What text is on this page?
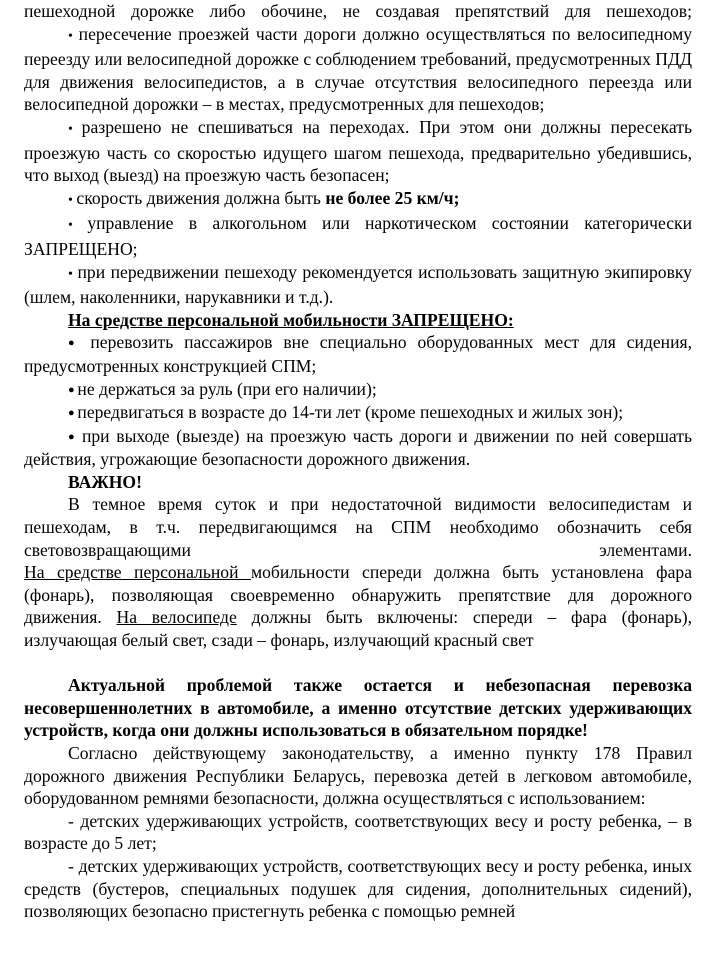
пешеходной дорожке либо обочине, не создавая препятствий для пешеходов;

• пересечение проезжей части дороги должно осуществляться по велосипедному переезду или велосипедной дорожке с соблюдением требований, предусмотренных ПДД для движения велосипедистов, а в случае отсутствия велосипедного переезда или велосипедной дорожки – в местах, предусмотренных для пешеходов;

• разрешено не спешиваться на переходах. При этом они должны пересекать проезжую часть со скоростью идущего шагом пешехода, предварительно убедившись, что выход (выезд) на проезжую часть безопасен;

• скорость движения должна быть не более 25 км/ч;

• управление в алкогольном или наркотическом состоянии категорически ЗАПРЕЩЕНО;

• при передвижении пешеходу рекомендуется использовать защитную экипировку (шлем, наколенники, нарукавники и т.д.).

На средстве персональной мобильности ЗАПРЕЩЕНО:

● перевозить пассажиров вне специально оборудованных мест для сидения, предусмотренных конструкцией СПМ;

● не держаться за руль (при его наличии);

● передвигаться в возрасте до 14-ти лет (кроме пешеходных и жилых зон);

● при выходе (выезде) на проезжую часть дороги и движении по ней совершать действия, угрожающие безопасности дорожного движения.

ВАЖНО!

В темное время суток и при недостаточной видимости велосипедистам и пешеходам, в т.ч. передвигающимся на СПМ необходимо обозначить себя световозвращающими элементами.

На средстве персональной мобильности спереди должна быть установлена фара (фонарь), позволяющая своевременно обнаружить препятствие для дорожного движения. На велосипеде должны быть включены: спереди – фара (фонарь), излучающая белый свет, сзади – фонарь, излучающий красный свет

Актуальной проблемой также остается и небезопасная перевозка несовершеннолетних в автомобиле, а именно отсутствие детских удерживающих устройств, когда они должны использоваться в обязательном порядке!

Согласно действующему законодательству, а именно пункту 178 Правил дорожного движения Республики Беларусь, перевозка детей в легковом автомобиле, оборудованном ремнями безопасности, должна осуществляться с использованием:

- детских удерживающих устройств, соответствующих весу и росту ребенка, – в возрасте до 5 лет;

- детских удерживающих устройств, соответствующих весу и росту ребенка, иных средств (бустеров, специальных подушек для сидения, дополнительных сидений), позволяющих безопасно пристегнуть ребенка с помощью ремней
